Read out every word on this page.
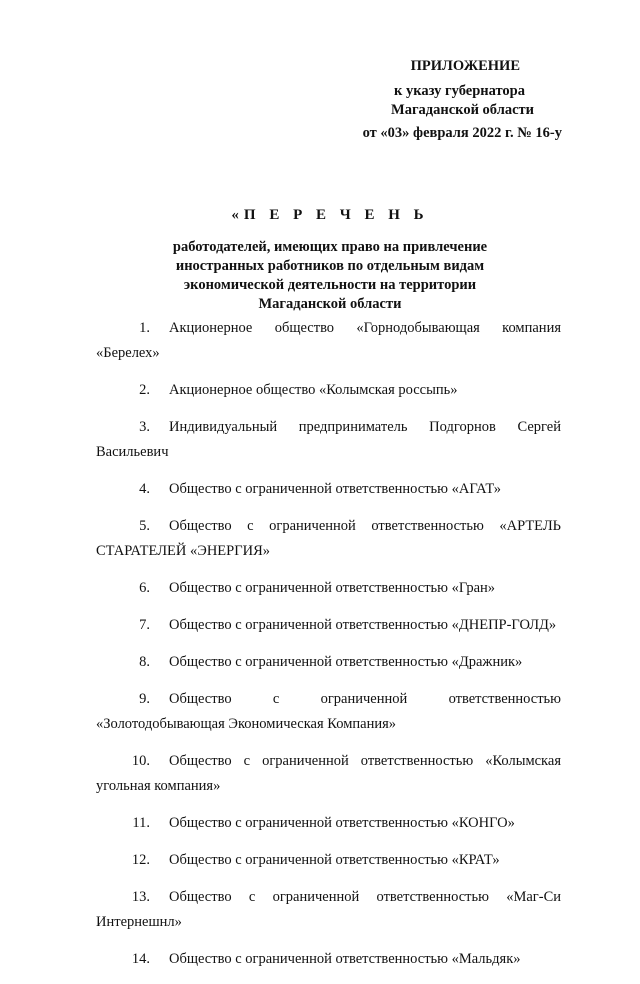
ПРИЛОЖЕНИЕ
к указу губернатора
Магаданской области
от «03» февраля 2022 г. № 16-у
«П Е Р Е Ч Е Н Ь
работодателей, имеющих право на привлечение
иностранных работников по отдельным видам
экономической деятельности на территории
Магаданской области
1.	Акционерное общество «Горнодобывающая компания «Берелех»
2.	Акционерное общество «Колымская россыпь»
3.	Индивидуальный предприниматель Подгорнов Сергей Васильевич
4.	Общество с ограниченной ответственностью «АГАТ»
5.	Общество с ограниченной ответственностью «АРТЕЛЬ СТАРАТЕЛЕЙ «ЭНЕРГИЯ»
6.	Общество с ограниченной ответственностью «Гран»
7.	Общество с ограниченной ответственностью «ДНЕПР-ГОЛД»
8.	Общество с ограниченной ответственностью «Дражник»
9.	Общество с ограниченной ответственностью «Золотодобывающая Экономическая Компания»
10.	Общество с ограниченной ответственностью «Колымская угольная компания»
11.	Общество с ограниченной ответственностью «КОНГО»
12.	Общество с ограниченной ответственностью «КРАТ»
13.	Общество с ограниченной ответственностью «Маг-Си Интернешнл»
14.	Общество с ограниченной ответственностью «Мальдяк»
